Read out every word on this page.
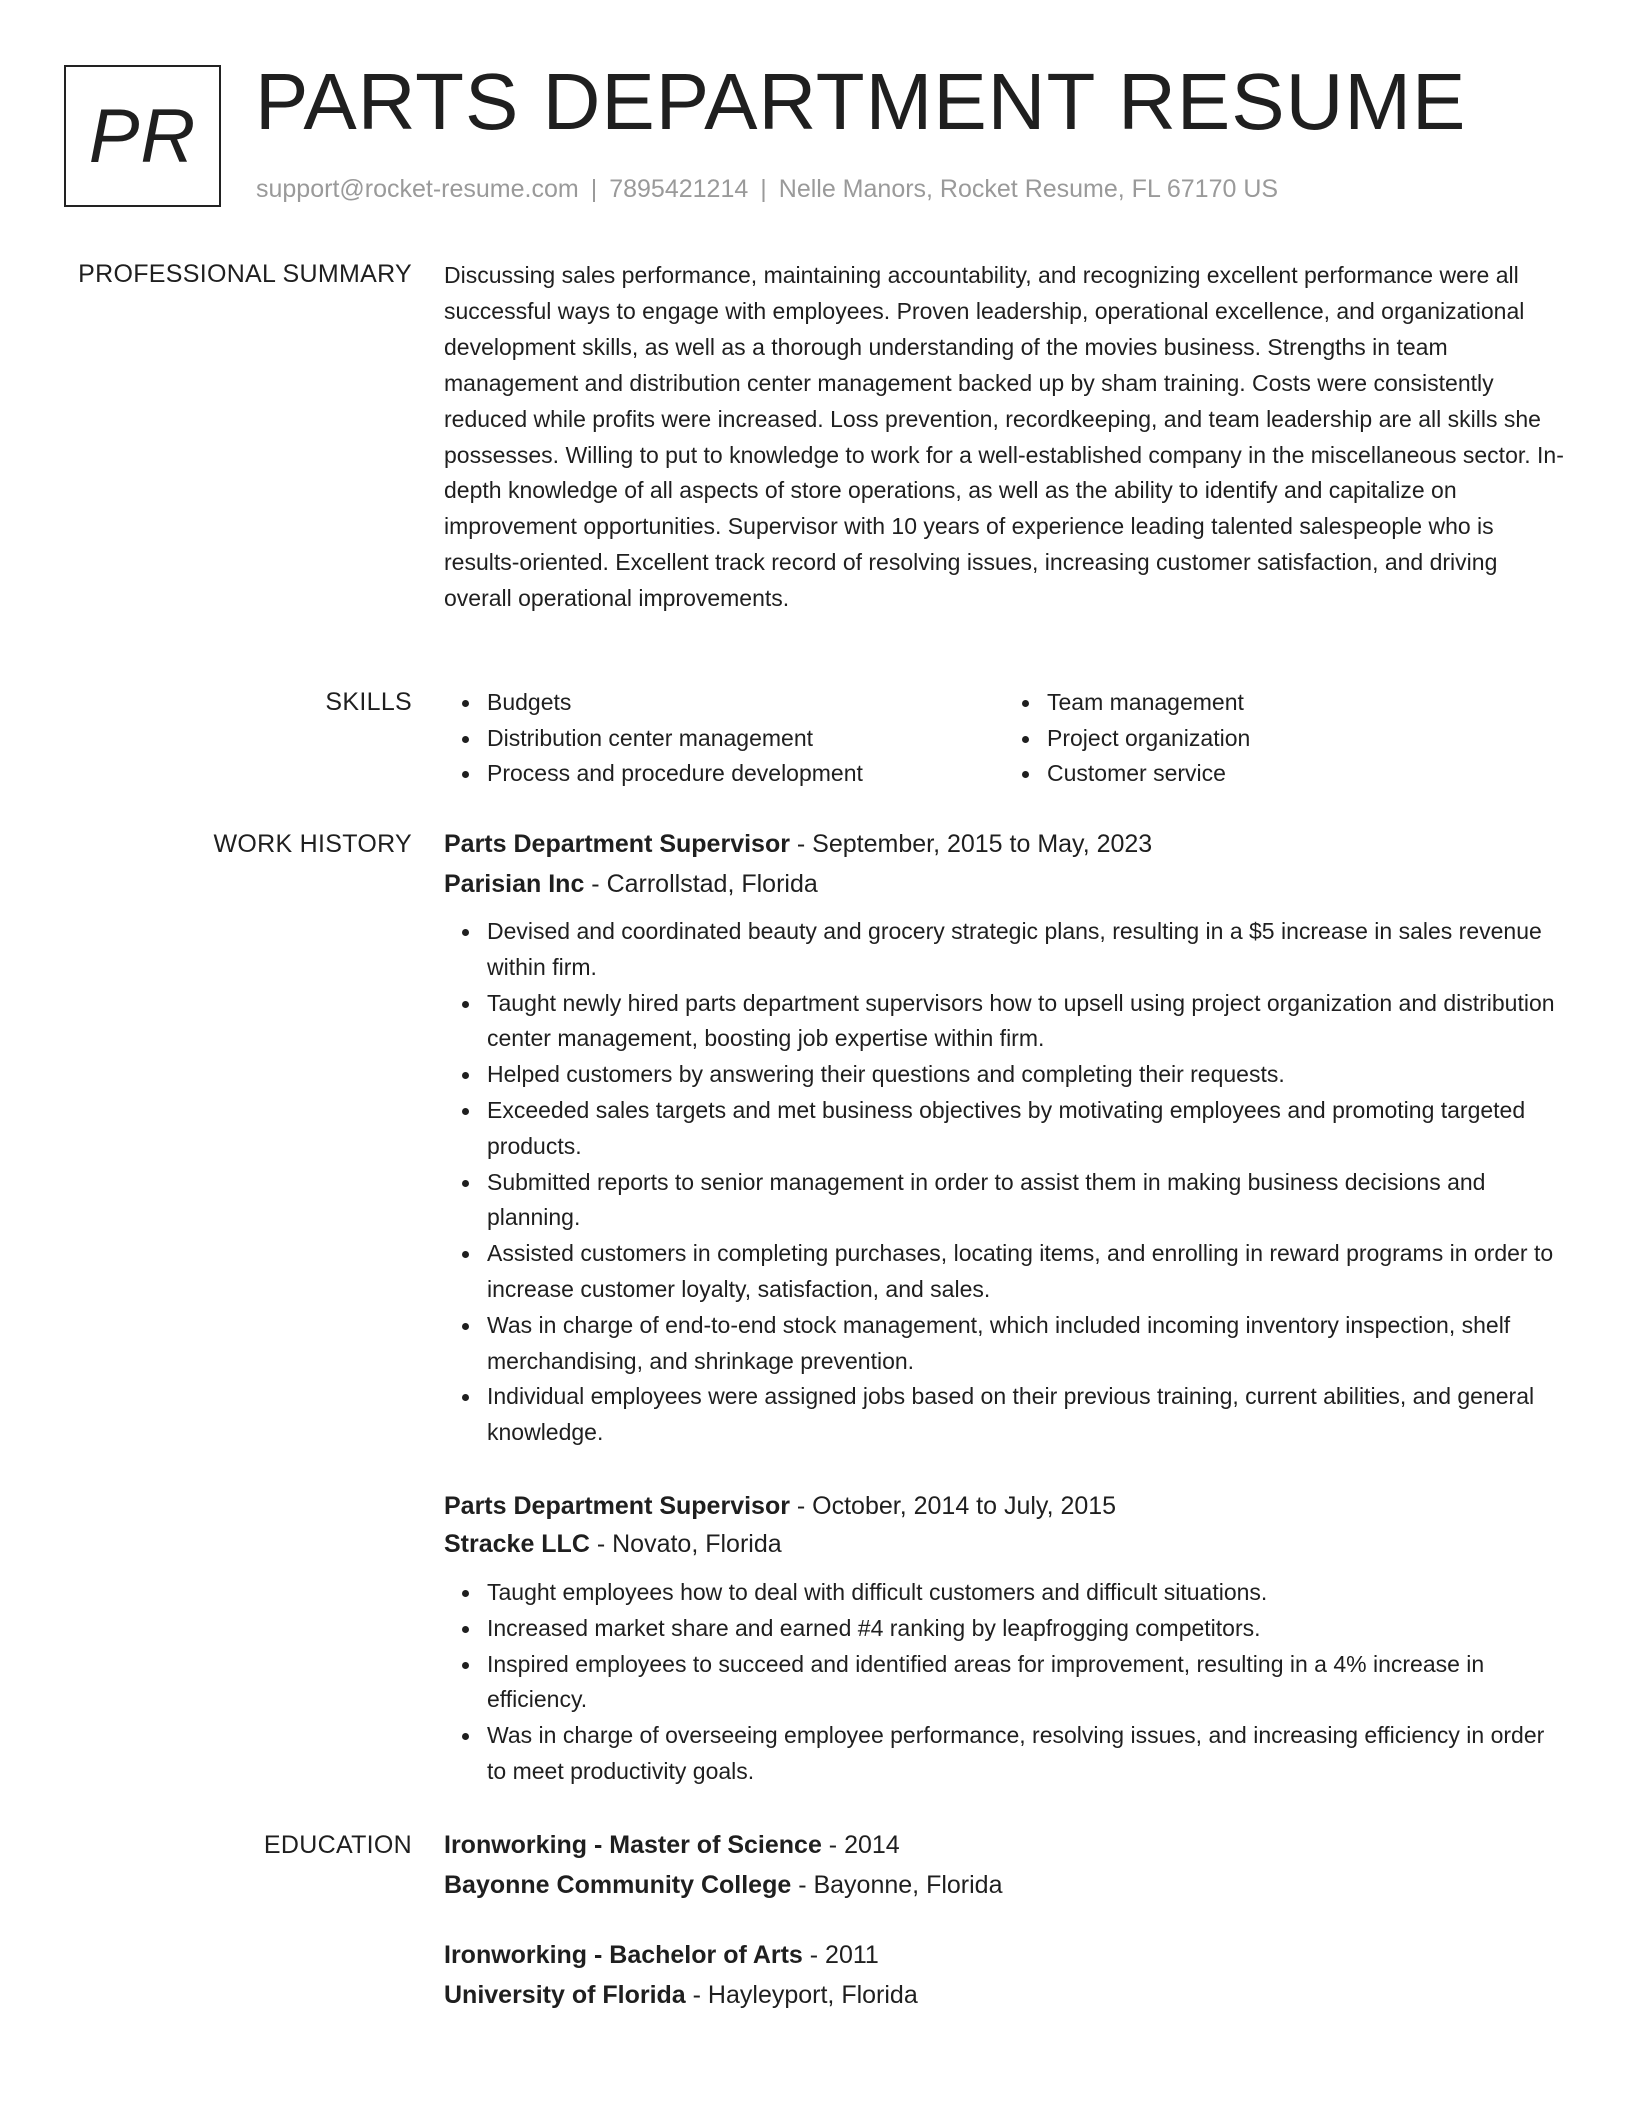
PR PARTS DEPARTMENT RESUME
support@rocket-resume.com | 7895421214 | Nelle Manors, Rocket Resume, FL 67170 US
PROFESSIONAL SUMMARY Discussing sales performance, maintaining accountability, and recognizing excellent performance were all successful ways to engage with employees. Proven leadership, operational excellence, and organizational development skills, as well as a thorough understanding of the movies business. Strengths in team management and distribution center management backed up by sham training. Costs were consistently reduced while profits were increased. Loss prevention, recordkeeping, and team leadership are all skills she possesses. Willing to put to knowledge to work for a well-established company in the miscellaneous sector. In-depth knowledge of all aspects of store operations, as well as the ability to identify and capitalize on improvement opportunities. Supervisor with 10 years of experience leading talented salespeople who is results-oriented. Excellent track record of resolving issues, increasing customer satisfaction, and driving overall operational improvements.

SKILLS	Budgets
Distribution center management
Process and procedure development
Team management
Project organization
Customer service
WORK HISTORY Parts Department Supervisor - September, 2015 to May, 2023
Parisian Inc - Carrollstad, Florida
Devised and coordinated beauty and grocery strategic plans, resulting in a $5 increase in sales revenue within firm.
Taught newly hired parts department supervisors how to upsell using project organization and distribution center management, boosting job expertise within firm.
Helped customers by answering their questions and completing their requests.
Exceeded sales targets and met business objectives by motivating employees and promoting targeted products.
Submitted reports to senior management in order to assist them in making business decisions and planning.
Assisted customers in completing purchases, locating items, and enrolling in reward programs in order to increase customer loyalty, satisfaction, and sales.
Was in charge of end-to-end stock management, which included incoming inventory inspection, shelf merchandising, and shrinkage prevention.
Individual employees were assigned jobs based on their previous training, current abilities, and general knowledge.
Parts Department Supervisor - October, 2014 to July, 2015
Stracke LLC - Novato, Florida
Taught employees how to deal with difficult customers and difficult situations.
Increased market share and earned #4 ranking by leapfrogging competitors.
Inspired employees to succeed and identified areas for improvement, resulting in a 4% increase in efficiency.
Was in charge of overseeing employee performance, resolving issues, and increasing efficiency in order to meet productivity goals.
EDUCATION Ironworking - Master of Science - 2014
Bayonne Community College - Bayonne, Florida
Ironworking - Bachelor of Arts - 2011
University of Florida - Hayleyport, Florida
